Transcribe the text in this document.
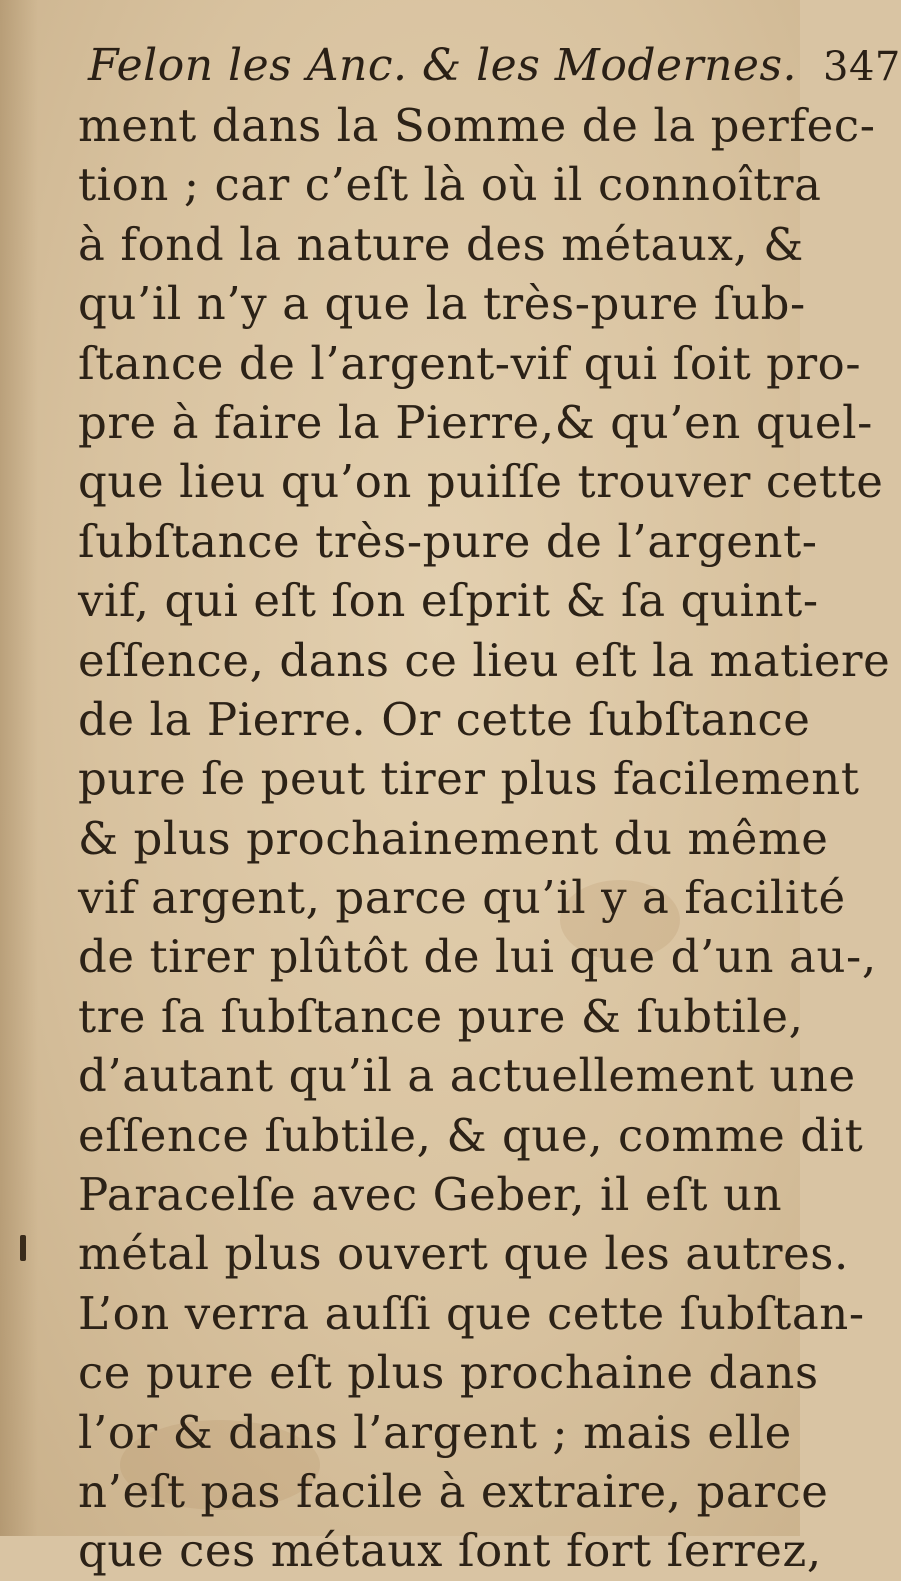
Felon les Anc. & les Modernes. 347
ment dans la Somme de la perfec-
tion ; car c’eſt là où il connoîtra
à fond la nature des métaux, &
qu’il n’y a que la très-pure ſub-
ſtance de l’argent-vif qui ſoit pro-
pre à faire la Pierre,& qu’en quel-
que lieu qu’on puiſſe trouver cette
ſubſtance très-pure de l’argent-
vif, qui eſt ſon eſprit & ſa quint-
eſſence, dans ce lieu eſt la matiere
de la Pierre. Or cette ſubſtance
pure ſe peut tirer plus facilement
& plus prochainement du même
vif argent, parce qu’il y a facilité
de tirer plûtôt de lui que d’un au-,
tre ſa ſubſtance pure & ſubtile,
d’autant qu’il a actuellement une
eſſence ſubtile, & que, comme dit
Paracelſe avec Geber, il eſt un
métal plus ouvert que les autres.
L’on verra auſſi que cette ſubſtan-
ce pure eſt plus prochaine dans
l’or & dans l’argent ; mais elle
n’eſt pas facile à extraire, parce
que ces métaux ſont fort ſerrez,
